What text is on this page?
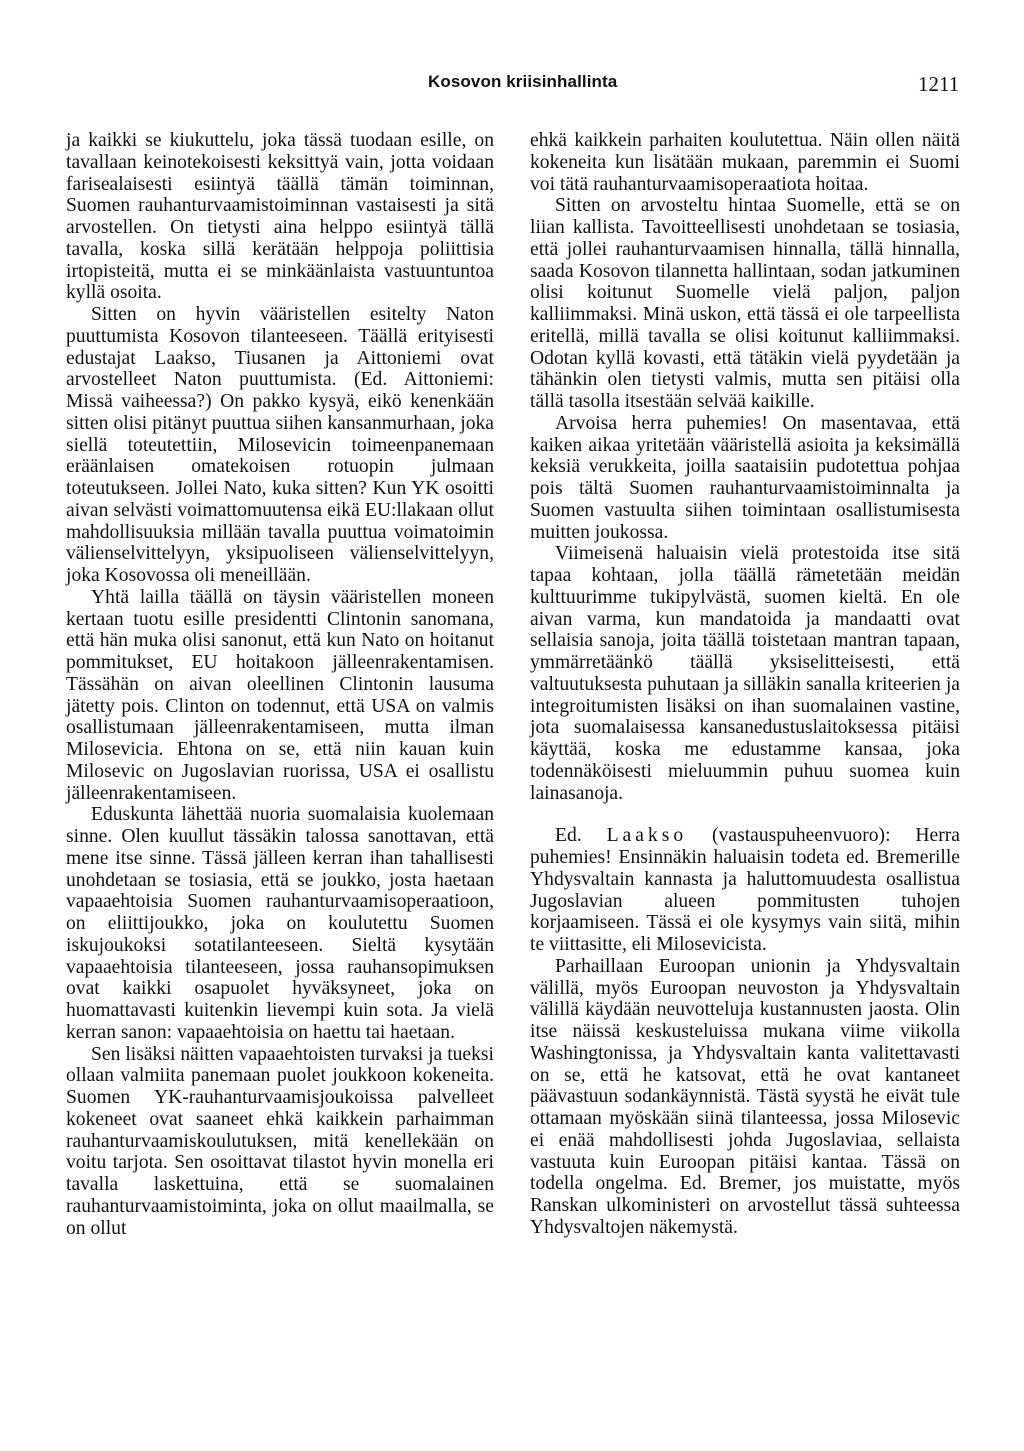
Kosovon kriisinhallinta	1211

ja kaikki se kiukuttelu, joka tässä tuodaan esille, on tavallaan keinotekoisesti keksittyä vain, jotta voidaan farisealaisesti esiintyä täällä tämän toiminnan, Suomen rauhanturvaamistoiminnan vastaisesti ja sitä arvostellen. On tietysti aina helppo esiintyä tällä tavalla, koska sillä kerätään helppoja poliittisia irtopisteitä, mutta ei se minkäänlaista vastuuntuntoa kyllä osoita.

Sitten on hyvin vääristellen esitelty Naton puuttumista Kosovon tilanteeseen. Täällä erityisesti edustajat Laakso, Tiusanen ja Aittoniemi ovat arvostelleet Naton puuttumista. (Ed. Aittoniemi: Missä vaiheessa?) On pakko kysyä, eikö kenenkään sitten olisi pitänyt puuttua siihen kansanmurhaan, joka siellä toteutettiin, Milosevicin toimeenpanemaan eräänlaisen omatekoisen rotuopin julmaan toteutukseen. Jollei Nato, kuka sitten? Kun YK osoitti aivan selvästi voimattomuutensa eikä EU:llakaan ollut mahdollisuuksia millään tavalla puuttua voimatoimin välienselvittelyyn, yksipuoliseen välienselvittelyyn, joka Kosovossa oli meneillään.

Yhtä lailla täällä on täysin vääristellen moneen kertaan tuotu esille presidentti Clintonin sanomana, että hän muka olisi sanonut, että kun Nato on hoitanut pommitukset, EU hoitakoon jälleenrakentamisen. Tässähän on aivan oleellinen Clintonin lausuma jätetty pois. Clinton on todennut, että USA on valmis osallistumaan jälleenrakentamiseen, mutta ilman Milosevicia. Ehtona on se, että niin kauan kuin Milosevic on Jugoslavian ruorissa, USA ei osallistu jälleenrakentamiseen.

Eduskunta lähettää nuoria suomalaisia kuolemaan sinne. Olen kuullut tässäkin talossa sanottavan, että mene itse sinne. Tässä jälleen kerran ihan tahallisesti unohdetaan se tosiasia, että se joukko, josta haetaan vapaaehtoisia Suomen rauhanturvaamisoperaatioon, on eliittijoukko, joka on koulutettu Suomen iskujoukoksi sotatilanteeseen. Sieltä kysytään vapaaehtoisia tilanteeseen, jossa rauhansopimuksen ovat kaikki osapuolet hyväksyneet, joka on huomattavasti kuitenkin lievempi kuin sota. Ja vielä kerran sanon: vapaaehtoisia on haettu tai haetaan.

Sen lisäksi näitten vapaaehtoisten turvaksi ja tueksi ollaan valmiita panemaan puolet joukkoon kokeneita. Suomen YK-rauhanturvaamisjoukoissa palvelleet kokeneet ovat saaneet ehkä kaikkein parhaimman rauhanturvaamiskoulutuksen, mitä kenellekään on voitu tarjota. Sen osoittavat tilastot hyvin monella eri tavalla laskettuina, että se suomalainen rauhanturvaamistoiminta, joka on ollut maailmalla, se on ollut

ehkä kaikkein parhaiten koulutettua. Näin ollen näitä kokeneita kun lisätään mukaan, paremmin ei Suomi voi tätä rauhanturvaamisoperaatiota hoitaa.

Sitten on arvosteltu hintaa Suomelle, että se on liian kallista. Tavoitteellisesti unohdetaan se tosiasia, että jollei rauhanturvaamisen hinnalla, tällä hinnalla, saada Kosovon tilannetta hallintaan, sodan jatkuminen olisi koitunut Suomelle vielä paljon, paljon kalliimmaksi. Minä uskon, että tässä ei ole tarpeellista eritellä, millä tavalla se olisi koitunut kalliimmaksi. Odotan kyllä kovasti, että tätäkin vielä pyydetään ja tähänkin olen tietysti valmis, mutta sen pitäisi olla tällä tasolla itsestään selvää kaikille.

Arvoisa herra puhemies! On masentavaa, että kaiken aikaa yritetään vääristellä asioita ja keksimällä keksiä verukkeita, joilla saataisiin pudotettua pohjaa pois tältä Suomen rauhanturvaamistoiminnalta ja Suomen vastuulta siihen toimintaan osallistumisesta muitten joukossa.

Viimeisenä haluaisin vielä protestoida itse sitä tapaa kohtaan, jolla täällä rämetetään meidän kulttuurimme tukipylvästä, suomen kieltä. En ole aivan varma, kun mandatoida ja mandaatti ovat sellaisia sanoja, joita täällä toistetaan mantran tapaan, ymmärretäänkö täällä yksiselitteisesti, että valtuutuksesta puhutaan ja silläkin sanalla kriteerien ja integroitumisten lisäksi on ihan suomalainen vastine, jota suomalaisessa kansanedustuslaitoksessa pitäisi käyttää, koska me edustamme kansaa, joka todennäköisesti mieluummin puhuu suomea kuin lainasanoja.

Ed. Laakso (vastauspuheenvuoro): Herra puhemies! Ensinnäkin haluaisin todeta ed. Bremerille Yhdysvaltain kannasta ja haluttomuudesta osallistua Jugoslavian alueen pommitusten tuhojen korjaamiseen. Tässä ei ole kysymys vain siitä, mihin te viittasitte, eli Milosevicista.

Parhaillaan Euroopan unionin ja Yhdysvaltain välillä, myös Euroopan neuvoston ja Yhdysvaltain välillä käydään neuvotteluja kustannusten jaosta. Olin itse näissä keskusteluissa mukana viime viikolla Washingtonissa, ja Yhdysvaltain kanta valitettavasti on se, että he katsovat, että he ovat kantaneet päävastuun sodankäynnistä. Tästä syystä he eivät tule ottamaan myöskään siinä tilanteessa, jossa Milosevic ei enää mahdollisesti johda Jugoslaviaa, sellaista vastuuta kuin Euroopan pitäisi kantaa. Tässä on todella ongelma. Ed. Bremer, jos muistatte, myös Ranskan ulkoministeri on arvostellut tässä suhteessa Yhdysvaltojen näkemystä.
